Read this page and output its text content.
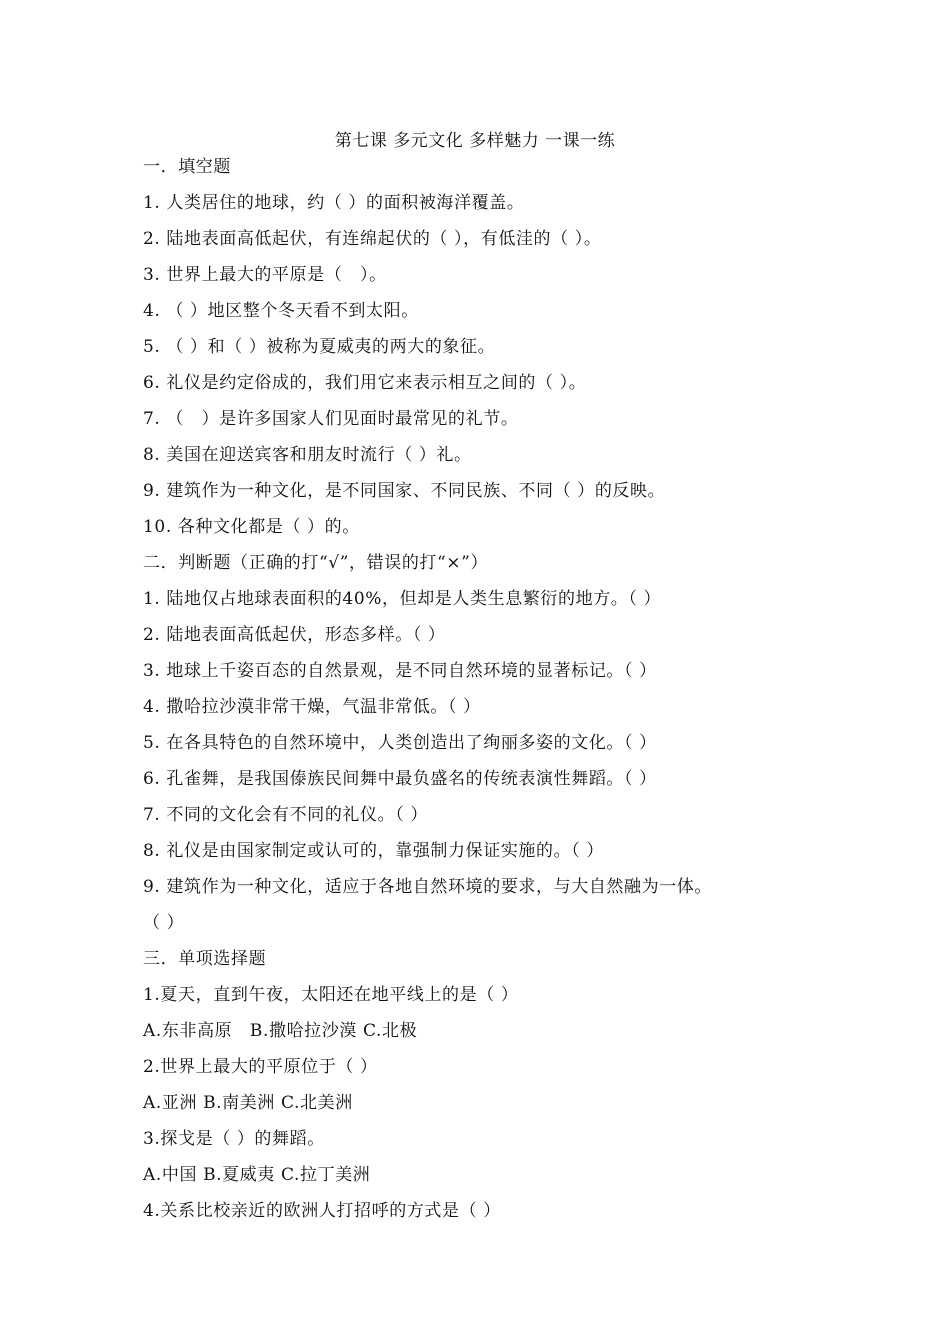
第七课 多元文化 多样魅力 一课一练
一．填空题
1. 人类居住的地球，约（ ）的面积被海洋覆盖。
2. 陆地表面高低起伏，有连绵起伏的（ ），有低洼的（ ）。
3. 世界上最大的平原是（　）。
4. （ ）地区整个冬天看不到太阳。
5. （ ）和（ ）被称为夏威夷的两大的象征。
6. 礼仪是约定俗成的，我们用它来表示相互之间的（ ）。
7. （　）是许多国家人们见面时最常见的礼节。
8. 美国在迎送宾客和朋友时流行（ ）礼。
9. 建筑作为一种文化，是不同国家、不同民族、不同（ ）的反映。
10. 各种文化都是（ ）的。
二．判断题（正确的打“√”，错误的打“×”）
1. 陆地仅占地球表面积的40%，但却是人类生息繁衍的地方。（ ）
2. 陆地表面高低起伏，形态多样。（ ）
3. 地球上千姿百态的自然景观，是不同自然环境的显著标记。（ ）
4. 撒哈拉沙漠非常干燥，气温非常低。（ ）
5. 在各具特色的自然环境中，人类创造出了绚丽多姿的文化。（ ）
6. 孔雀舞，是我国傣族民间舞中最负盛名的传统表演性舞蹈。（ ）
7. 不同的文化会有不同的礼仪。（ ）
8. 礼仪是由国家制定或认可的，靠强制力保证实施的。（ ）
9. 建筑作为一种文化，适应于各地自然环境的要求，与大自然融为一体。
（ ）
三．单项选择题
1.夏天，直到午夜，太阳还在地平线上的是（ ）
A.东非高原　B.撒哈拉沙漠 C.北极
2.世界上最大的平原位于（ ）
A.亚洲 B.南美洲 C.北美洲
3.探戈是（ ）的舞蹈。
A.中国 B.夏威夷 C.拉丁美洲
4.关系比校亲近的欧洲人打招呼的方式是（ ）
